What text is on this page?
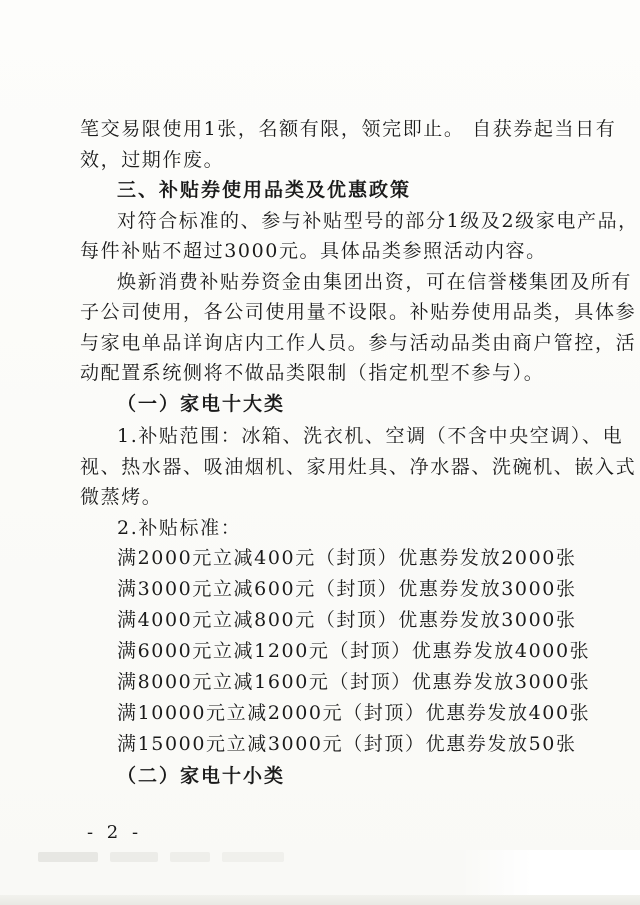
笔交易限使用1张，名额有限，领完即止。 自获券起当日有
效，过期作废。
三、补贴券使用品类及优惠政策
对符合标准的、参与补贴型号的部分1级及2级家电产品，
每件补贴不超过3000元。具体品类参照活动内容。
焕新消费补贴券资金由集团出资，可在信誉楼集团及所有
子公司使用，各公司使用量不设限。补贴券使用品类，具体参
与家电单品详询店内工作人员。参与活动品类由商户管控，活
动配置系统侧将不做品类限制（指定机型不参与）。
（一）家电十大类
1.补贴范围：冰箱、洗衣机、空调（不含中央空调）、电
视、热水器、吸油烟机、家用灶具、净水器、洗碗机、嵌入式
微蒸烤。
2.补贴标准：
满2000元立减400元（封顶）优惠券发放2000张
满3000元立减600元（封顶）优惠券发放3000张
满4000元立减800元（封顶）优惠券发放3000张
满6000元立减1200元（封顶）优惠券发放4000张
满8000元立减1600元（封顶）优惠券发放3000张
满10000元立减2000元（封顶）优惠券发放400张
满15000元立减3000元（封顶）优惠券发放50张
（二）家电十小类
- 2 -
